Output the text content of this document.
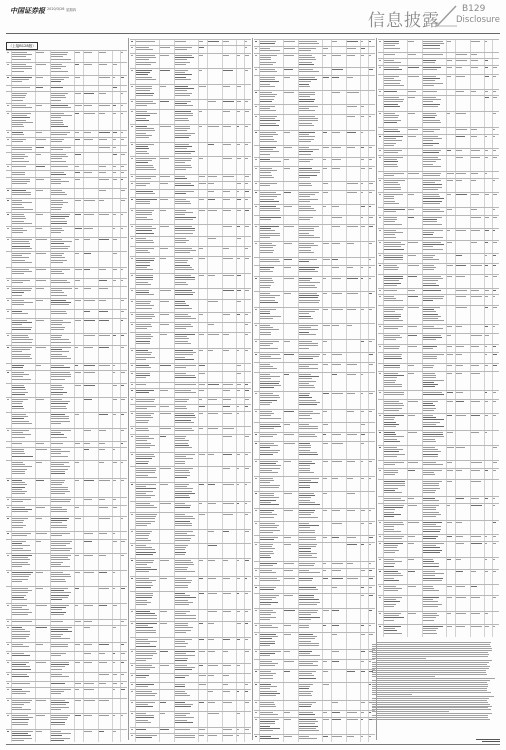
中国证券报 2020/3/26 星期四
信息披露
B129
Disclosure
（上接B128版）
